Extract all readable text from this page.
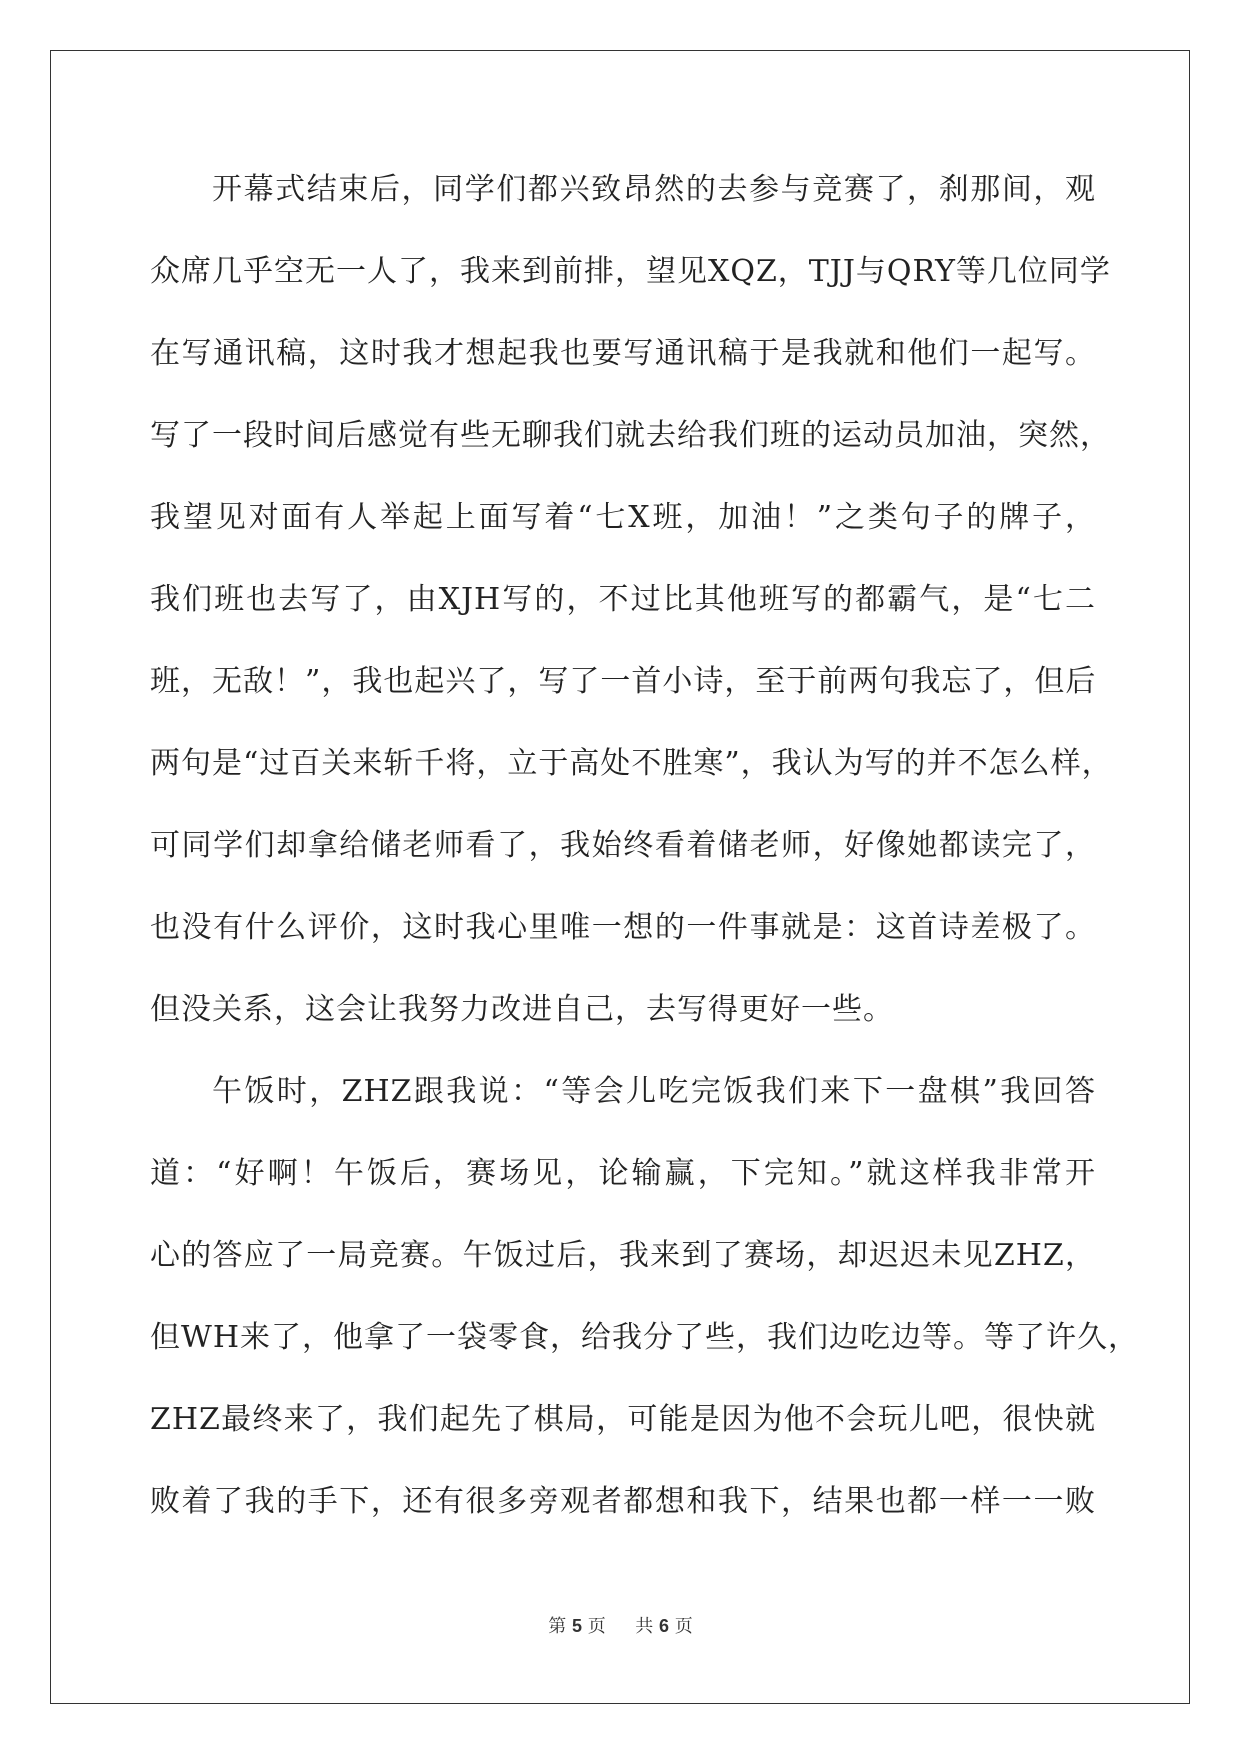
开幕式结束后，同学们都兴致昂然的去参与竞赛了，刹那间，观
众席几乎空无一人了，我来到前排，望见XQZ，TJJ与QRY等几位同学
在写通讯稿，这时我才想起我也要写通讯稿于是我就和他们一起写。
写了一段时间后感觉有些无聊我们就去给我们班的运动员加油，突然，
我望见对面有人举起上面写着“七X班，加油！”之类句子的牌子，
我们班也去写了，由XJH写的，不过比其他班写的都霸气，是“七二
班，无敌！”，我也起兴了，写了一首小诗，至于前两句我忘了，但后
两句是“过百关来斩千将，立于高处不胜寒”，我认为写的并不怎么样，
可同学们却拿给储老师看了，我始终看着储老师，好像她都读完了，
也没有什么评价，这时我心里唯一想的一件事就是：这首诗差极了。
但没关系，这会让我努力改进自己，去写得更好一些。
午饭时，ZHZ跟我说：“等会儿吃完饭我们来下一盘棋”我回答
道：“好啊！午饭后，赛场见，论输赢，下完知。”就这样我非常开
心的答应了一局竞赛。午饭过后，我来到了赛场，却迟迟未见ZHZ，
但WH来了，他拿了一袋零食，给我分了些，我们边吃边等。等了许久，
ZHZ最终来了，我们起先了棋局，可能是因为他不会玩儿吧，很快就
败着了我的手下，还有很多旁观者都想和我下，结果也都一样一一败
第 5 页 共 6 页
